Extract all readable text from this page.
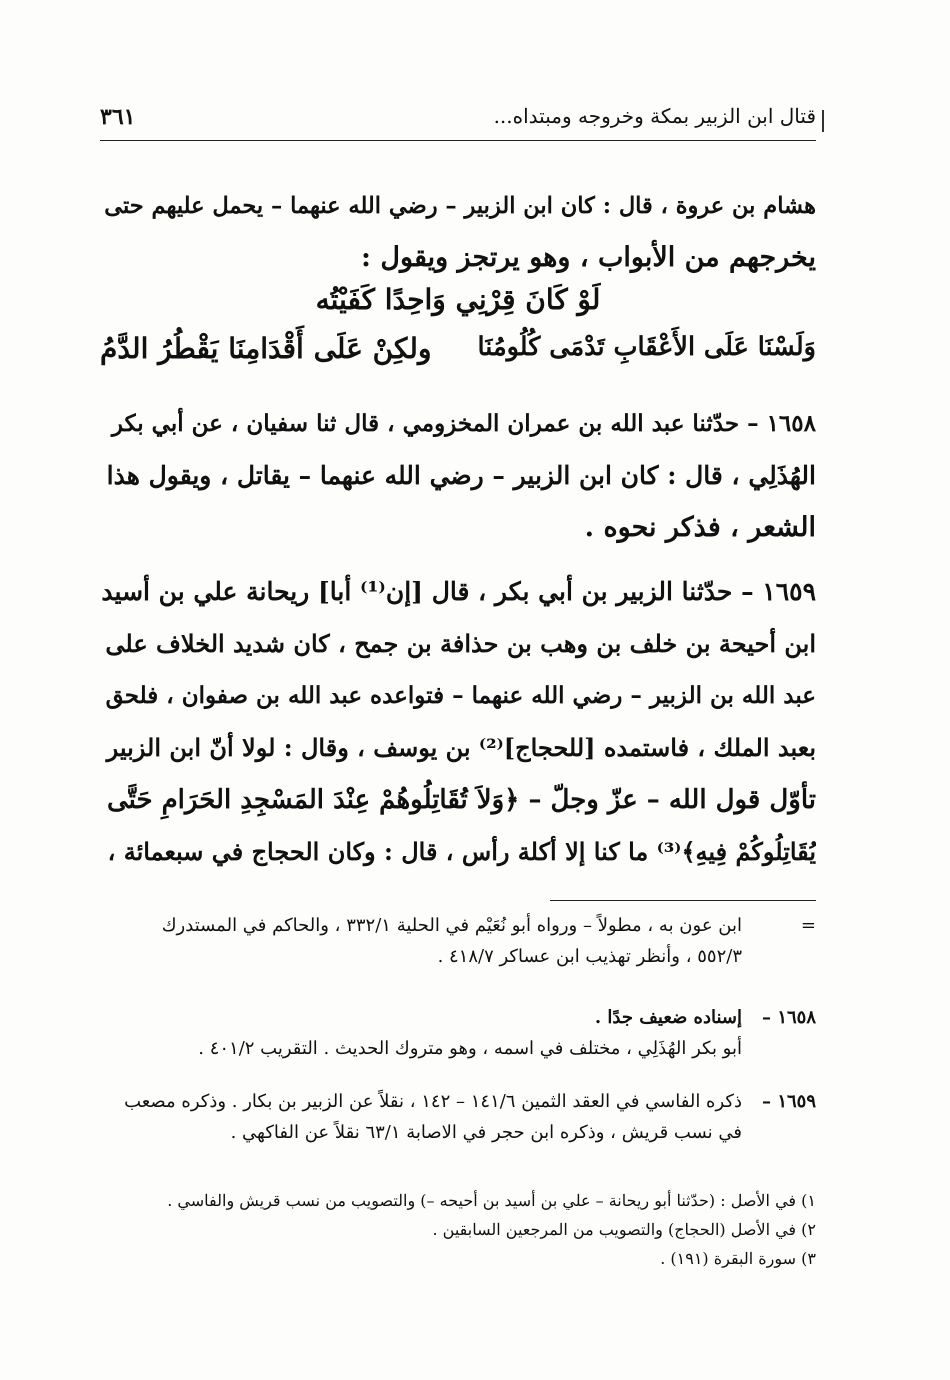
قتال ابن الزبير بمكة وخروجه ومبتداه...
٣٦١
هشام بن عروة ، قال : كان ابن الزبير – رضي الله عنهما – يحمل عليهم حتى
يخرجهم من الأبواب ، وهو يرتجز ويقول :
لَوْ كَانَ قِرْنِي وَاحِدًا كَفَيْتُه
وَلَسْنَا عَلَى الأَعْقَابِ تَدْمَى كُلُومُنَا
ولكِنْ عَلَى أَقْدَامِنَا يَقْطُرُ الدَّمُ
١٦٥٨ – حدّثنا عبد الله بن عمران المخزومي ، قال ثنا سفيان ، عن أبي بكر
الهُذَلِي ، قال : كان ابن الزبير – رضي الله عنهما – يقاتل ، ويقول هذا
الشعر ، فذكر نحوه .
١٦٥٩ – حدّثنا الزبير بن أبي بكر ، قال [إن⁽¹⁾ أبا] ريحانة علي بن أسيد
ابن أحيحة بن خلف بن وهب بن حذافة بن جمح ، كان شديد الخلاف على
عبد الله بن الزبير – رضي الله عنهما – فتواعده عبد الله بن صفوان ، فلحق
بعبد الملك ، فاستمده [للحجاج]⁽²⁾ بن يوسف ، وقال : لولا أنّ ابن الزبير
تأوّل قول الله – عزّ وجلّ – ﴿وَلاَ تُقَاتِلُوهُمْ عِنْدَ المَسْجِدِ الحَرَامِ حَتَّى
يُقَاتِلُوكُمْ فِيهِ﴾⁽³⁾ ما كنا إلا أكلة رأس ، قال : وكان الحجاج في سبعمائة ،
=
ابن عون به ، مطولاً – ورواه أبو نُعَيْم في الحلية ٣٣٢/١ ، والحاكم في المستدرك
٥٥٢/٣ ، وأنظر تهذيب ابن عساكر ٤١٨/٧ .
١٦٥٨ –
إسناده ضعيف جدًا .
أبو بكر الهُذَلِي ، مختلف في اسمه ، وهو متروك الحديث . التقريب ٤٠١/٢ .
١٦٥٩ –
ذكره الفاسي في العقد الثمين ١٤١/٦ – ١٤٢ ، نقلاً عن الزبير بن بكار . وذكره مصعب
في نسب قريش ، وذكره ابن حجر في الاصابة ٦٣/١ نقلاً عن الفاكهي .
١) في الأصل : (حدّثنا أبو ريحانة – علي بن أسيد بن أحيحه –) والتصويب من نسب قريش والفاسي .
٢) في الأصل (الحجاج) والتصويب من المرجعين السابقين .
٣) سورة البقرة (١٩١) .
